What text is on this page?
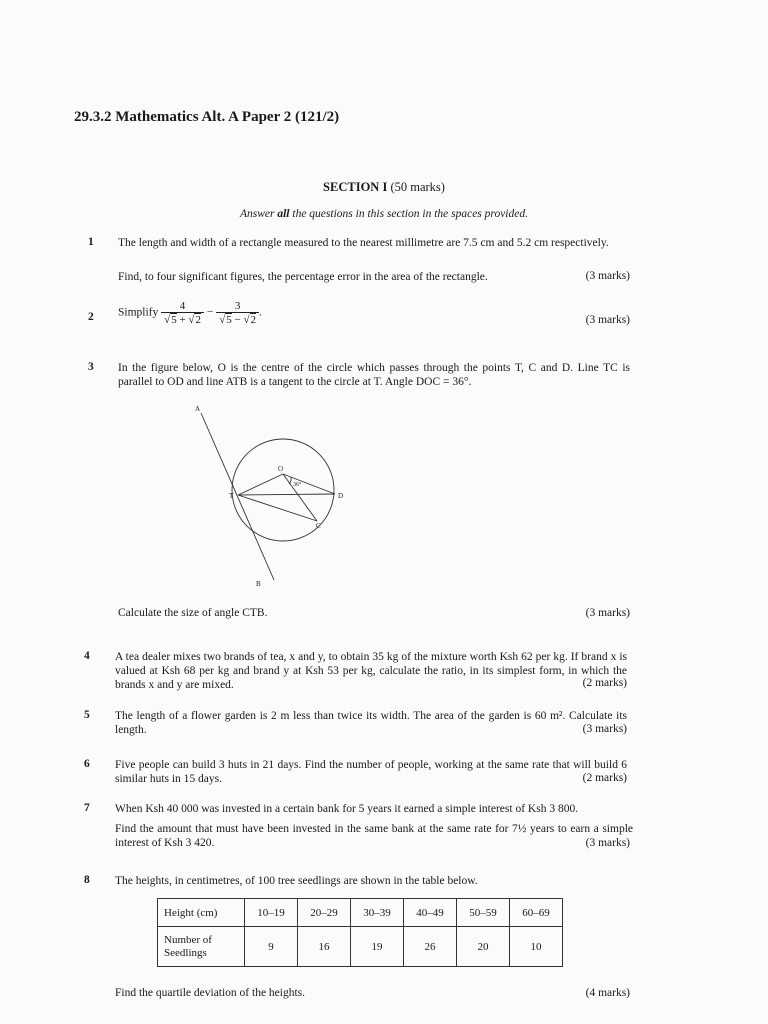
29.3.2 Mathematics Alt. A Paper 2 (121/2)
SECTION I (50 marks)
Answer all the questions in this section in the spaces provided.
1	The length and width of a rectangle measured to the nearest millimetre are 7.5 cm and 5.2 cm respectively.
Find, to four significant figures, the percentage error in the area of the rectangle.	(3 marks)
2	Simplify $\frac{4}{√5 + √2} - \frac{3}{√5 - √2}$ .
(3 marks)
3	In the figure below, O is the centre of the circle which passes through the points T, C and D. Line TC is parallel to OD and line ATB is a tangent to the circle at T. Angle DOC = 36°.
A
T
O
D
C
B
36°
Calculate the size of angle CTB.	(3 marks)
4	A tea dealer mixes two brands of tea, x and y, to obtain 35 kg of the mixture worth Ksh 62 per kg. If brand x is valued at Ksh 68 per kg and brand y at Ksh 53 per kg, calculate the ratio, in its simplest form, in which the brands x and y are mixed.	(2 marks)
5	The length of a flower garden is 2 m less than twice its width. The area of the garden is 60 m². Calculate its length.	(3 marks)
6	Five people can build 3 huts in 21 days. Find the number of people, working at the same rate that will build 6 similar huts in 15 days.	(2 marks)
7	When Ksh 40 000 was invested in a certain bank for 5 years it earned a simple interest of Ksh 3 800.
Find the amount that must have been invested in the same bank at the same rate for 7½ years to earn a simple interest of Ksh 3 420.	(3 marks)
8	The heights, in centimetres, of 100 tree seedlings are shown in the table below.
Height (cm)	10–19	20–29	30–39	40–49	50–59	60–69
Number of Seedlings	9	16	19	26	20	10
Find the quartile deviation of the heights.	(4 marks)
